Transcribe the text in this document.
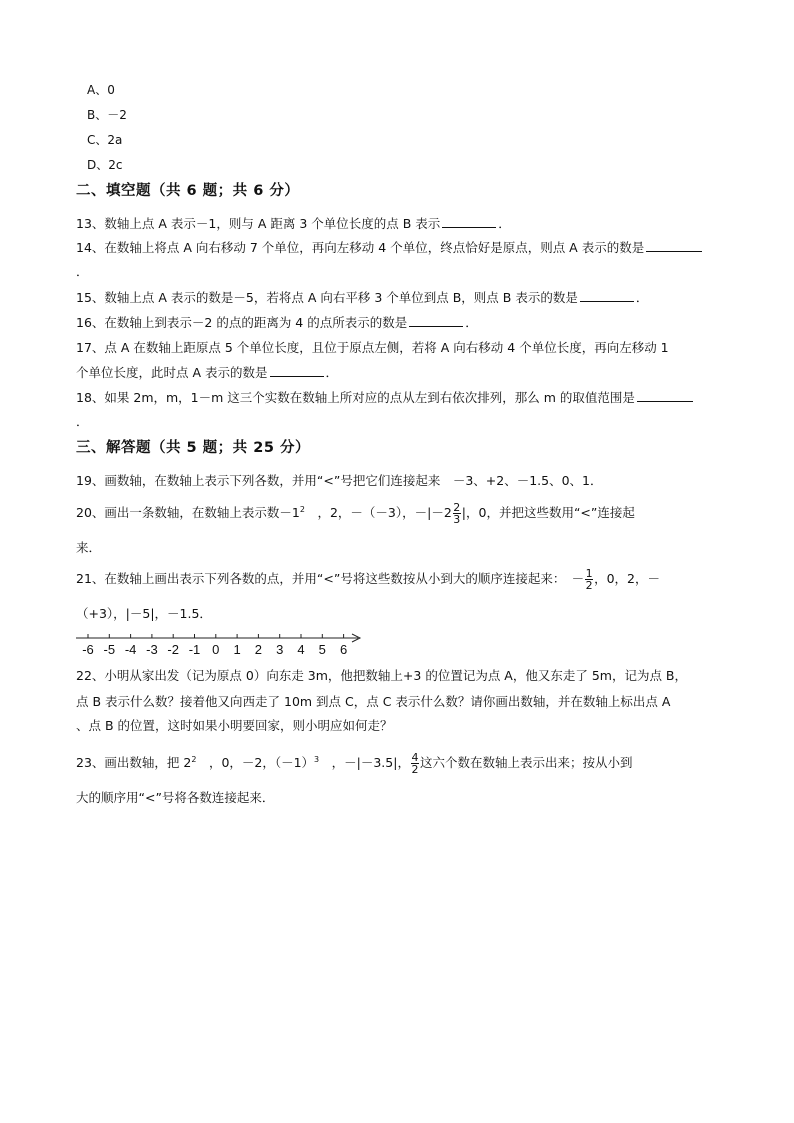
A、0
B、－2
C、2a
D、2c
二、填空题（共 6 题；共 6 分）
13、数轴上点 A 表示－1，则与 A 距离 3 个单位长度的点 B 表示	．
14、在数轴上将点 A 向右移动 7 个单位，再向左移动 4 个单位，终点恰好是原点，则点 A 表示的数是
．
15、数轴上点 A 表示的数是－5，若将点 A 向右平移 3 个单位到点 B，则点 B 表示的数是	．
16、在数轴上到表示－2 的点的距离为 4 的点所表示的数是	．
17、点 A 在数轴上距原点 5 个单位长度，且位于原点左侧，若将 A 向右移动 4 个单位长度，再向左移动 1
个单位长度，此时点 A 表示的数是	．
18、如果 2m，m，1－m 这三个实数在数轴上所对应的点从左到右依次排列，那么 m 的取值范围是
．
三、解答题（共 5 题；共 25 分）
19、画数轴，在数轴上表示下列各数，并用“<”号把它们连接起来　－3、+2、－1.5、0、1．
20、画出一条数轴，在数轴上表示数$-1^2$　，2，－（－3），$-|-2 \frac{2}{3}$ |，0，并把这些数用“<”连接起
来．
21、在数轴上画出表示下列各数的点，并用“<”号将这些数按从小到大的顺序连接起来：　－ $\frac{1}{2}$ ，0，2，－
（+3），|－5|，－1.5．
-6 -5 -4 -3 -2 -1 0 1 2 3 4 5 6
22、小明从家出发（记为原点 0）向东走 3m，他把数轴上+3 的位置记为点 A，他又东走了 5m，记为点 B，
点 B 表示什么数？接着他又向西走了 10m 到点 C，点 C 表示什么数？请你画出数轴，并在数轴上标出点 A
、点 B 的位置，这时如果小明要回家，则小明应如何走？
23、画出数轴，把 $2^2$　，0，－2，$(-1)^3$　，－|－3.5|， $\frac{4}{2}$ 这六个数在数轴上表示出来；按从小到
大的顺序用“<”号将各数连接起来．
